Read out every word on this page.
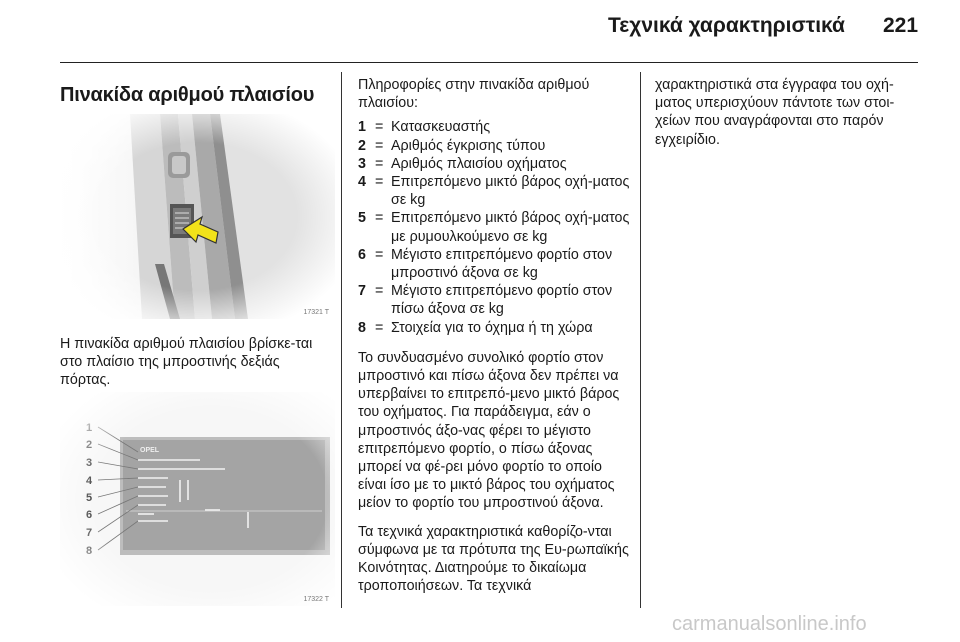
Τεχνικά χαρακτηριστικά 221
Πινακίδα αριθμού πλαισίου
17321 T

Η πινακίδα αριθμού πλαισίου βρίσκε-ται στο πλαίσιο της μπροστινής δεξιάς πόρτας.

17322 T

Πληροφορίες στην πινακίδα αριθμού πλαισίου:

1 = Κατασκευαστής
2 = Αριθμός έγκρισης τύπου
3 = Αριθμός πλαισίου οχήματος
4 = Επιτρεπόμενο μικτό βάρος οχή-ματος σε kg
5 = Επιτρεπόμενο μικτό βάρος οχή-ματος με ρυμουλκούμενο σε kg
6 = Μέγιστο επιτρεπόμενο φορτίο στον μπροστινό άξονα σε kg
7 = Μέγιστο επιτρεπόμενο φορτίο στον πίσω άξονα σε kg
8 = Στοιχεία για το όχημα ή τη χώρα

Το συνδυασμένο συνολικό φορτίο στον μπροστινό και πίσω άξονα δεν πρέπει να υπερβαίνει το επιτρεπό-μενο μικτό βάρος του οχήματος. Για παράδειγμα, εάν ο μπροστινός άξο-νας φέρει το μέγιστο επιτρεπόμενο φορτίο, ο πίσω άξονας μπορεί να φέ-ρει μόνο φορτίο το οποίο είναι ίσο με το μικτό βάρος του οχήματος μείον το φορτίο του μπροστινού άξονα.

Τα τεχνικά χαρακτηριστικά καθορίζο-νται σύμφωνα με τα πρότυπα της Ευ-ρωπαϊκής Κοινότητας. Διατηρούμε το δικαίωμα τροποποιήσεων. Τα τεχνικά

χαρακτηριστικά στα έγγραφα του οχή-ματος υπερισχύουν πάντοτε των στοι-χείων που αναγράφονται στο παρόν εγχειρίδιο.

carmanualsonline.info
